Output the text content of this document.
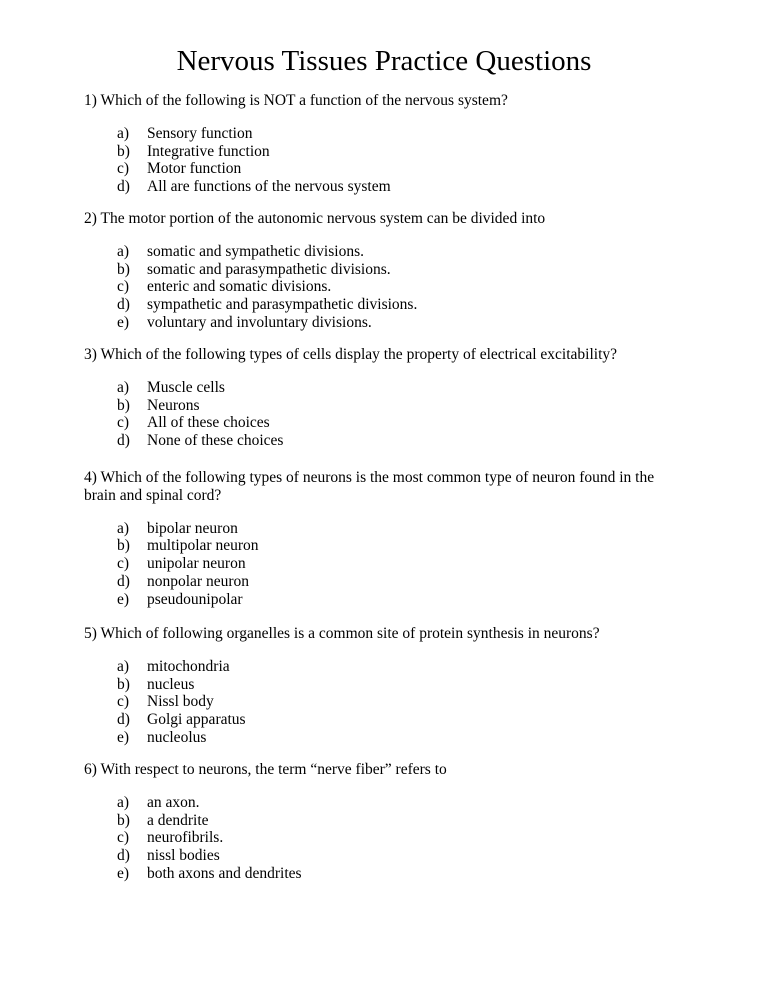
Nervous Tissues Practice Questions

1) Which of the following is NOT a function of the nervous system?

a)	Sensory function
b)	Integrative function
c)	Motor function
d)	All are functions of the nervous system

2) The motor portion of the autonomic nervous system can be divided into

a)	somatic and sympathetic divisions.
b)	somatic and parasympathetic divisions.
c)	enteric and somatic divisions.
d)	sympathetic and parasympathetic divisions.
e)	voluntary and involuntary divisions.

3) Which of the following types of cells display the property of electrical excitability?

a)	Muscle cells
b)	Neurons
c)	All of these choices
d)	None of these choices

4) Which of the following types of neurons is the most common type of neuron found in the brain and spinal cord?

a)	bipolar neuron
b)	multipolar neuron
c)	unipolar neuron
d)	nonpolar neuron
e)	pseudounipolar

5) Which of following organelles is a common site of protein synthesis in neurons?

a)	mitochondria
b)	nucleus
c)	Nissl body
d)	Golgi apparatus
e)	nucleolus

6) With respect to neurons, the term “nerve fiber” refers to

a)	an axon.
b)	a dendrite
c)	neurofibrils.
d)	nissl bodies
e)	both axons and dendrites
